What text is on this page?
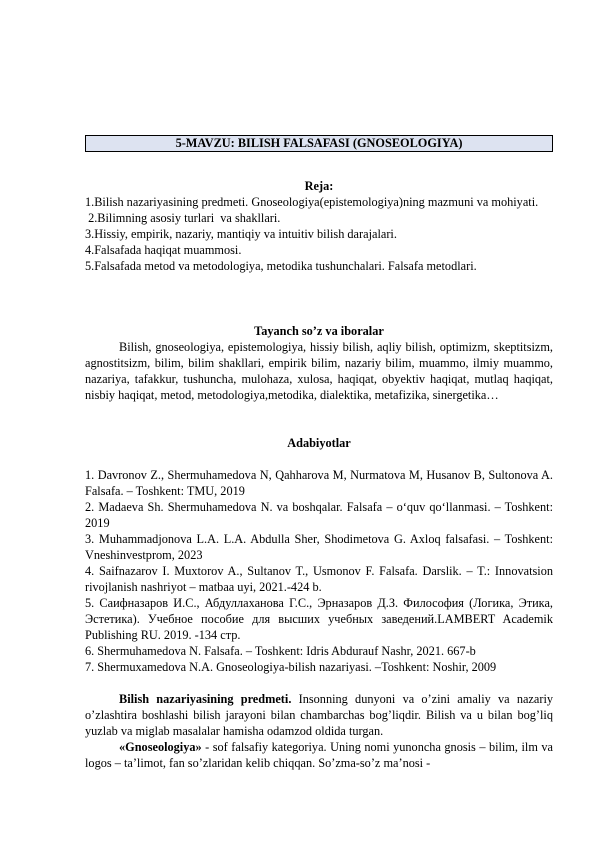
5-MAVZU: BILISH FALSAFASI (GNOSEOLOGIYA)
Reja:
1.Bilish nazariyasining predmeti. Gnoseologiya(epistemologiya)ning mazmuni va mohiyati.
2.Bilimning asosiy turlari  va shakllari.
3.Hissiy, empirik, nazariy, mantiqiy va intuitiv bilish darajalari.
4.Falsafada haqiqat muammosi.
5.Falsafada metod va metodologiya, metodika tushunchalari. Falsafa metodlari.
Tayanch so’z va iboralar
Bilish, gnoseologiya, epistemologiya, hissiy bilish, aqliy bilish, optimizm, skeptitsizm, agnostitsizm, bilim, bilim shakllari, empirik bilim, nazariy bilim, muammo, ilmiy muammo, nazariya, tafakkur, tushuncha, mulohaza, xulosa, haqiqat, obyektiv haqiqat, mutlaq haqiqat, nisbiy haqiqat, metod, metodologiya,metodika, dialektika, metafizika, sinergetika…
Adabiyotlar
1. Davronov Z., Shermuhamedova N, Qahharova M, Nurmatova M, Husanov B, Sultonova A. Falsafa. – Toshkent: TMU, 2019
2. Madaeva Sh. Shermuhamedova N. va boshqalar. Falsafa – o‘quv qo‘llanmasi. – Toshkent: 2019
3. Muhammadjonova L.A. L.A. Abdulla Sher, Shodimetova G. Axloq falsafasi. – Toshkent: Vneshinvestprom, 2023
4. Saifnazarov I. Muxtorov A., Sultanov T., Usmonov F. Falsafa. Darslik. – T.: Innovatsion rivojlanish nashriyot – matbaa uyi, 2021.-424 b.
5. Саифназаров И.С., Абдуллаханова Г.С., Эрназаров Д.З. Философия (Логика, Этика, Эстетика). Учебное пособие для высших учебных заведений.LAMBERT Academik Publishing RU. 2019. -134 стр.
6. Shermuhamedova N. Falsafa. – Toshkent: Idris Abdurauf Nashr, 2021. 667-b
7. Shermuxamedova N.A. Gnoseologiya-bilish nazariyasi. –Toshkent: Noshir, 2009
Bilish nazariyasining predmeti. Insonning dunyoni va o’zini amaliy va nazariy o’zlashtira boshlashi bilish jarayoni bilan chambarchas bog’liqdir. Bilish va u bilan bog’liq yuzlab va miglab masalalar hamisha odamzod oldida turgan.
«Gnoseologiya» - sof falsafiy kategoriya. Uning nomi yunoncha gnosis – bilim, ilm va logos – ta’limot, fan so’zlaridan kelib chiqqan. So’zma-so’z ma’nosi -
